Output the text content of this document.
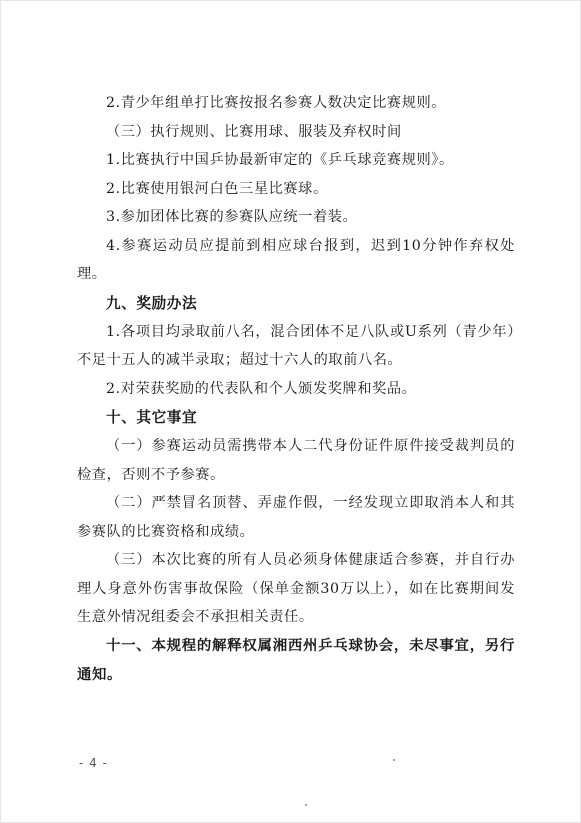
2.青少年组单打比赛按报名参赛人数决定比赛规则。

（三）执行规则、比赛用球、服装及弃权时间

1.比赛执行中国乒协最新审定的《乒乓球竞赛规则》。

2.比赛使用银河白色三星比赛球。

3.参加团体比赛的参赛队应统一着装。

4.参赛运动员应提前到相应球台报到，迟到10分钟作弃权处理。

九、奖励办法

1.各项目均录取前八名，混合团体不足八队或U系列（青少年）不足十五人的减半录取；超过十六人的取前八名。

2.对荣获奖励的代表队和个人颁发奖牌和奖品。

十、其它事宜

（一）参赛运动员需携带本人二代身份证件原件接受裁判员的检查，否则不予参赛。

（二）严禁冒名顶替、弄虚作假，一经发现立即取消本人和其参赛队的比赛资格和成绩。

（三）本次比赛的所有人员必须身体健康适合参赛，并自行办理人身意外伤害事故保险（保单金额30万以上），如在比赛期间发生意外情况组委会不承担相关责任。

十一、本规程的解释权属湘西州乒乓球协会，未尽事宜，另行通知。

- 4 -
